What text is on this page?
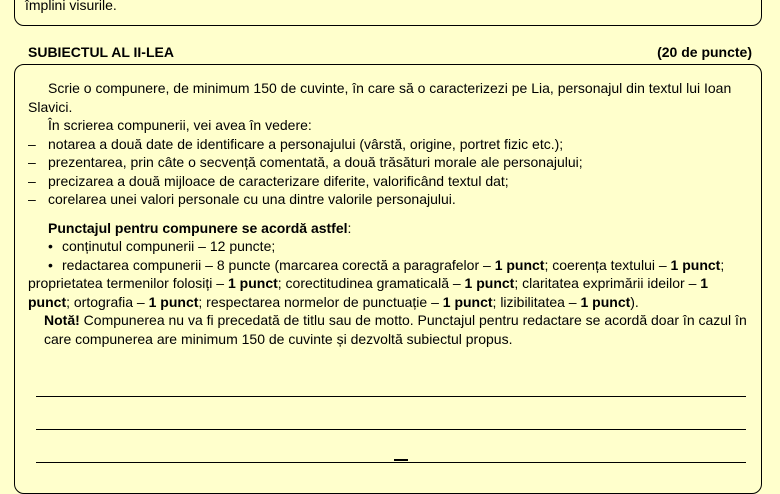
împlini visurile.
SUBIECTUL AL II-LEA	(20 de puncte)

Scrie o compunere, de minimum 150 de cuvinte, în care să o caracterizezi pe Lia, personajul din textul lui Ioan Slavici.

În scrierea compunerii, vei avea în vedere:

– notarea a două date de identificare a personajului (vârstă, origine, portret fizic etc.);
– prezentarea, prin câte o secvență comentată, a două trăsături morale ale personajului;
– precizarea a două mijloace de caracterizare diferite, valorificând textul dat;
– corelarea unei valori personale cu una dintre valorile personajului.

Punctajul pentru compunere se acordă astfel:

• conținutul compunerii – 12 puncte;

• redactarea compunerii – 8 puncte (marcarea corectă a paragrafelor – 1 punct; coerența textului – 1 punct; proprietatea termenilor folosiți – 1 punct; corectitudinea gramaticală – 1 punct; claritatea exprimării ideilor – 1 punct; ortografia – 1 punct; respectarea normelor de punctuație – 1 punct; lizibilitatea – 1 punct).

Notă! Compunerea nu va fi precedată de titlu sau de motto. Punctajul pentru redactare se acordă doar în cazul în care compunerea are minimum 150 de cuvinte și dezvoltă subiectul propus.
